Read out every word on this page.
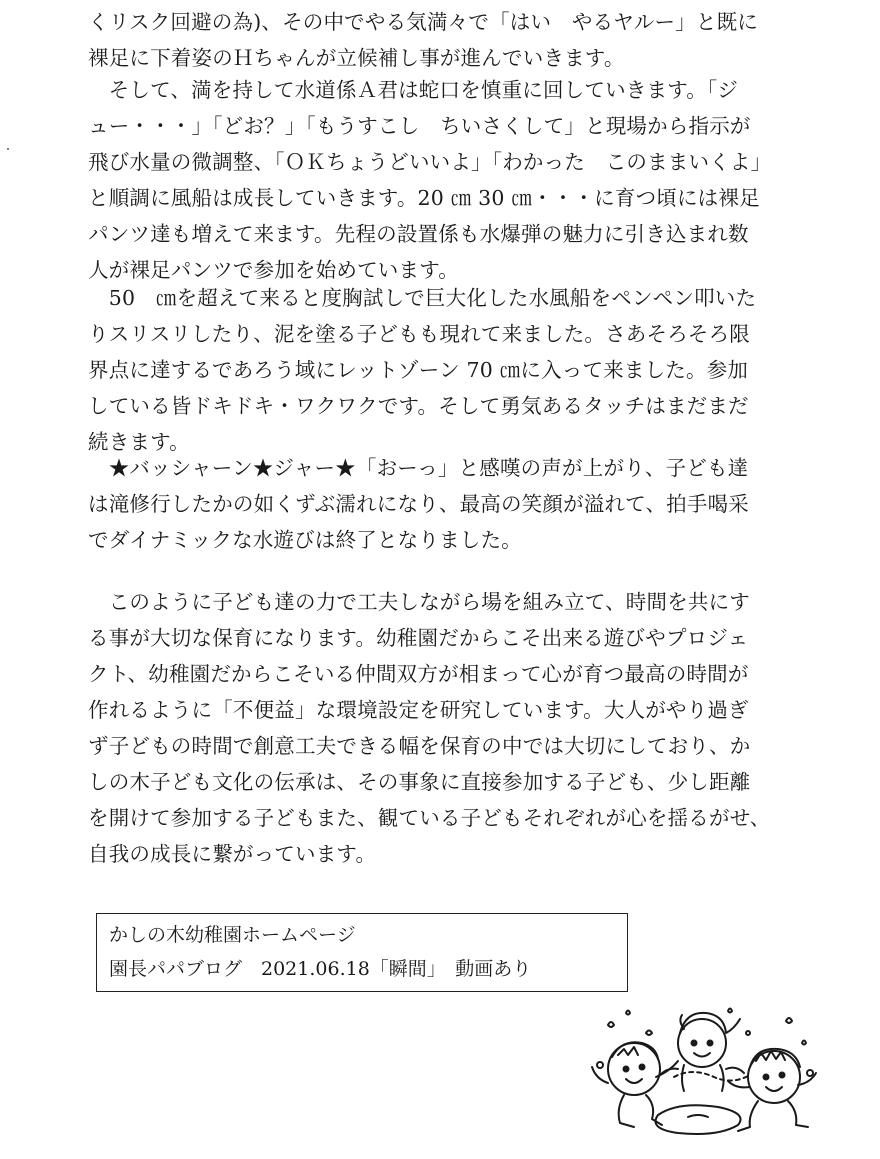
くリスク回避の為)、その中でやる気満々で「はい　やるヤルー」と既に
裸足に下着姿のＨちゃんが立候補し事が進んでいきます。
　そして、満を持して水道係Ａ君は蛇口を慎重に回していきます。「ジ
ュー・・・」「どお？」「もうすこし　ちいさくして」と現場から指示が
飛び水量の微調整、「ＯＫちょうどいいよ」「わかった　このままいくよ」
と順調に風船は成長していきます。20 ㎝ 30 ㎝・・・に育つ頃には裸足
パンツ達も増えて来ます。先程の設置係も水爆弾の魅力に引き込まれ数
人が裸足パンツで参加を始めています。
　50　㎝を超えて来ると度胸試しで巨大化した水風船をペンペン叩いた
りスリスリしたり、泥を塗る子どもも現れて来ました。さあそろそろ限
界点に達するであろう域にレットゾーン 70 ㎝に入って来ました。参加
している皆ドキドキ・ワクワクです。そして勇気あるタッチはまだまだ
続きます。
　★バッシャーン★ジャー★「おーっ」と感嘆の声が上がり、子ども達
は滝修行したかの如くずぶ濡れになり、最高の笑顔が溢れて、拍手喝采
でダイナミックな水遊びは終了となりました。
　このように子ども達の力で工夫しながら場を組み立て、時間を共にす
る事が大切な保育になります。幼稚園だからこそ出来る遊びやプロジェ
クト、幼稚園だからこそいる仲間双方が相まって心が育つ最高の時間が
作れるように「不便益」な環境設定を研究しています。大人がやり過ぎ
ず子どもの時間で創意工夫できる幅を保育の中では大切にしており、か
しの木子ども文化の伝承は、その事象に直接参加する子ども、少し距離
を開けて参加する子どもまた、観ている子どもそれぞれが心を揺るがせ、
自我の成長に繋がっています。
かしの木幼稚園ホームページ
園長パパブログ　2021.06.18「瞬間」　動画あり
